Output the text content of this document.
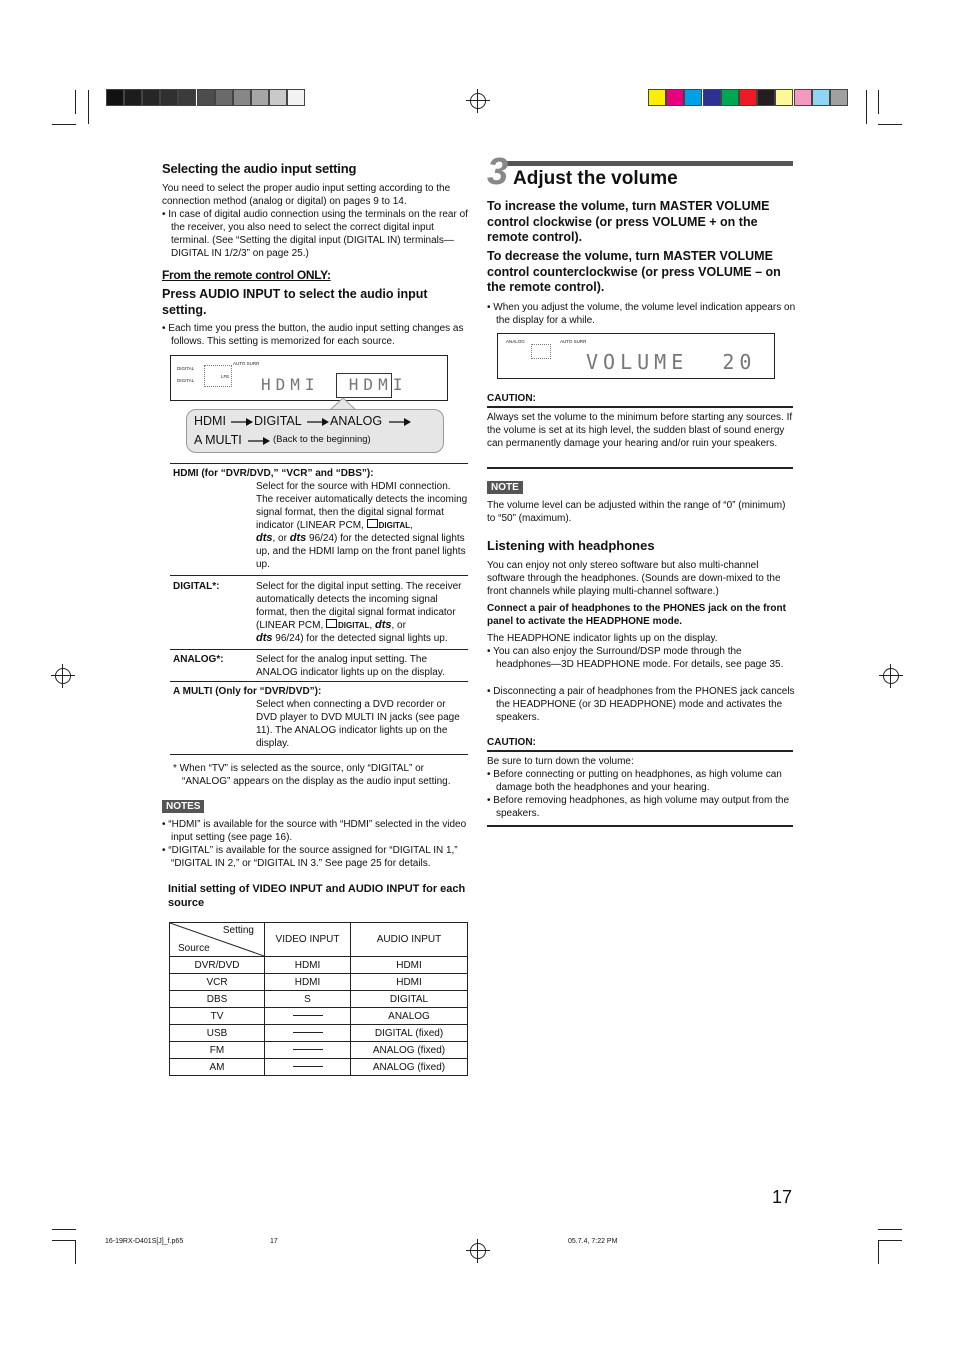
Selecting the audio input setting

You need to select the proper audio input setting according to the connection method (analog or digital) on pages 9 to 14.

• In case of digital audio connection using the terminals on the rear of the receiver, you also need to select the correct digital input terminal. (See “Setting the digital input (DIGITAL IN) terminals—DIGITAL IN 1/2/3” on page 25.)

From the remote control ONLY:

Press AUDIO INPUT to select the audio input setting.

• Each time you press the button, the audio input setting changes as follows. This setting is memorized for each source.

DIGITAL
AUTO SURR
DIGITAL
LFE HDMI  HDMI
HDMI DIGITAL ANALOG
A MULTI	(Back to the beginning)
HDMI (for “DVR/DVD,” “VCR” and “DBS”):
Select for the source with HDMI connection. The receiver automatically detects the incoming signal format, then the digital signal format indicator (LINEAR PCM, DIGITAL,
dts, or dts 96/24) for the detected signal lights up, and the HDMI lamp on the front panel lights up.
DIGITAL*:	Select for the digital input setting. The receiver automatically detects the incoming signal format, then the digital signal format indicator (LINEAR PCM, DIGITAL, dts, or
dts 96/24) for the detected signal lights up.
ANALOG*:	Select for the analog input setting. The ANALOG indicator lights up on the display.
A MULTI (Only for “DVR/DVD”):
Select when connecting a DVD recorder or DVD player to DVD MULTI IN jacks (see page 11). The ANALOG indicator lights up on the display.

* When “TV” is selected as the source, only “DIGITAL” or “ANALOG” appears on the display as the audio input setting.

NOTES

• “HDMI” is available for the source with “HDMI” selected in the video input setting (see page 16).

• “DIGITAL” is available for the source assigned for “DIGITAL IN 1,” “DIGITAL IN 2,” or “DIGITAL IN 3.” See page 25 for details.

Initial setting of VIDEO INPUT and AUDIO INPUT for each source

Setting
Source	VIDEO INPUT	AUDIO INPUT
DVR/DVD	HDMI	HDMI
VCR	HDMI	HDMI
DBS	S	DIGITAL
TV		ANALOG
USB		DIGITAL (fixed)
FM		ANALOG (fixed)
AM		ANALOG (fixed)
3 Adjust the volume

To increase the volume, turn MASTER VOLUME control clockwise (or press VOLUME + on the remote control).

To decrease the volume, turn MASTER VOLUME control counterclockwise (or press VOLUME – on the remote control).

• When you adjust the volume, the volume level indication appears on the display for a while.

ANALOG	AUTO SURR
VOLUME  20
CAUTION:

Always set the volume to the minimum before starting any sources. If the volume is set at its high level, the sudden blast of sound energy can permanently damage your hearing and/or ruin your speakers.

NOTE

The volume level can be adjusted within the range of “0” (minimum) to “50” (maximum).

Listening with headphones

You can enjoy not only stereo software but also multi-channel software through the headphones. (Sounds are down-mixed to the front channels while playing multi-channel software.)

Connect a pair of headphones to the PHONES jack on the front panel to activate the HEADPHONE mode.

The HEADPHONE indicator lights up on the display.

• You can also enjoy the Surround/DSP mode through the headphones—3D HEADPHONE mode. For details, see page 35.

• Disconnecting a pair of headphones from the PHONES jack cancels the HEADPHONE (or 3D HEADPHONE) mode and activates the speakers.

CAUTION:

Be sure to turn down the volume:

• Before connecting or putting on headphones, as high volume can damage both the headphones and your hearing.

• Before removing headphones, as high volume may output from the speakers.

17
16-19RX-D401S[J]_f.p65	17	05.7.4, 7:22 PM
